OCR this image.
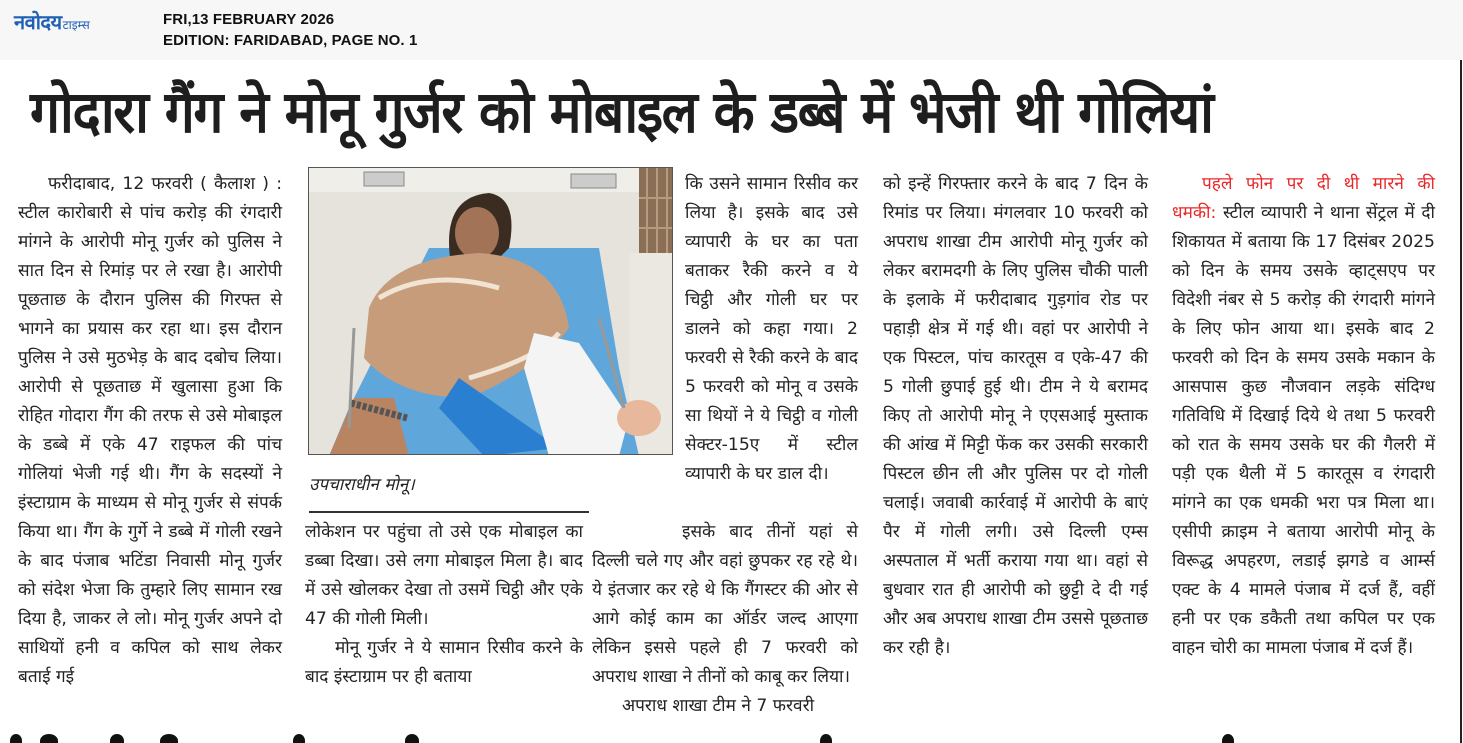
नवोदय टाइम्स	FRI,13 FEBRUARY 2026
EDITION: FARIDABAD, PAGE NO. 1
गोदारा गैंग ने मोनू गुर्जर को मोबाइल के डब्बे में भेजी थी गोलियां

फरीदाबाद, 12 फरवरी ( कैलाश ) : स्टील कारोबारी से पांच करोड़ की रंगदारी मांगने के आरोपी मोनू गुर्जर को पुलिस ने सात दिन से रिमांड़ पर ले रखा है। आरोपी पूछताछ के दौरान पुलिस की गिरफ्त से भागने का प्रयास कर रहा था। इस दौरान पुलिस ने उसे मुठभेड़ के बाद दबोच लिया। आरोपी से पूछताछ में खुलासा हुआ कि रोहित गोदारा गैंग की तरफ से उसे मोबाइल के डब्बे में एके 47 राइफल की पांच गोलियां भेजी गई थी। गैंग के सदस्यों ने इंस्टाग्राम के माध्यम से मोनू गुर्जर से संपर्क किया था। गैंग के गुर्गे ने डब्बे में गोली रखने के बाद पंजाब भटिंडा निवासी मोनू गुर्जर को संदेश भेजा कि तुम्हारे लिए सामान रख दिया है, जाकर ले लो। मोनू गुर्जर अपने दो साथियों हनी व कपिल को साथ लेकर बताई गई

उपचाराधीन मोनू।

कि उसने सामान रिसीव कर लिया है। इसके बाद उसे व्यापारी के घर का पता बताकर रैकी करने व ये चिट्ठी और गोली घर पर डालने को कहा गया। 2 फरवरी से रैकी करने के बाद 5 फरवरी को मोनू व उसके सा थियों ने ये चिट्ठी व गोली सेक्टर-15ए में स्टील व्यापारी के घर डाल दी।

लोकेशन पर पहुंचा तो उसे एक मोबाइल का डब्बा दिखा। उसे लगा मोबाइल मिला है। बाद में उसे खोलकर देखा तो उसमें चिट्ठी और एके 47 की गोली मिली।

मोनू गुर्जर ने ये सामान रिसीव करने के बाद इंस्टाग्राम पर ही बताया

इसके बाद तीनों यहां से दिल्ली चले गए और वहां छुपकर रह रहे थे। ये इंतजार कर रहे थे कि गैंगस्टर की ओर से आगे कोई काम का ऑर्डर जल्द आएगा लेकिन इससे पहले ही 7 फरवरी को अपराध शाखा ने तीनों को काबू कर लिया।

अपराध शाखा टीम ने 7 फरवरी

को इन्हें गिरफ्तार करने के बाद 7 दिन के रिमांड पर लिया। मंगलवार 10 फरवरी को अपराध शाखा टीम आरोपी मोनू गुर्जर को लेकर बरामदगी के लिए पुलिस चौकी पाली के इलाके में फरीदाबाद गुड़गांव रोड पर पहाड़ी क्षेत्र में गई थी। वहां पर आरोपी ने एक पिस्टल, पांच कारतूस व एके-47 की 5 गोली छुपाई हुई थी। टीम ने ये बरामद किए तो आरोपी मोनू ने एएसआई मुस्ताक की आंख में मिट्टी फेंक कर उसकी सरकारी पिस्टल छीन ली और पुलिस पर दो गोली चलाई। जवाबी कार्रवाई में आरोपी के बाएं पैर में गोली लगी। उसे दिल्ली एम्स अस्पताल में भर्ती कराया गया था। वहां से बुधवार रात ही आरोपी को छुट्टी दे दी गई और अब अपराध शाखा टीम उससे पूछताछ कर रही है।

पहले फोन पर दी थी मारने की धमकी: स्टील व्यापारी ने थाना सेंट्रल में दी शिकायत में बताया कि 17 दिसंबर 2025 को दिन के समय उसके व्हाट्सएप पर विदेशी नंबर से 5 करोड़ की रंगदारी मांगने के लिए फोन आया था। इसके बाद 2 फरवरी को दिन के समय उसके मकान के आसपास कुछ नौजवान लड़के संदिग्ध गतिविधि में दिखाई दिये थे तथा 5 फरवरी को रात के समय उसके घर की गैलरी में पड़ी एक थैली में 5 कारतूस व रंगदारी मांगने का एक धमकी भरा पत्र मिला था। एसीपी क्राइम ने बताया आरोपी मोनू के विरूद्ध अपहरण, लडाई झगडे व आर्म्स एक्ट के 4 मामले पंजाब में दर्ज हैं, वहीं हनी पर एक डकैती तथा कपिल पर एक वाहन चोरी का मामला पंजाब में दर्ज हैं।
